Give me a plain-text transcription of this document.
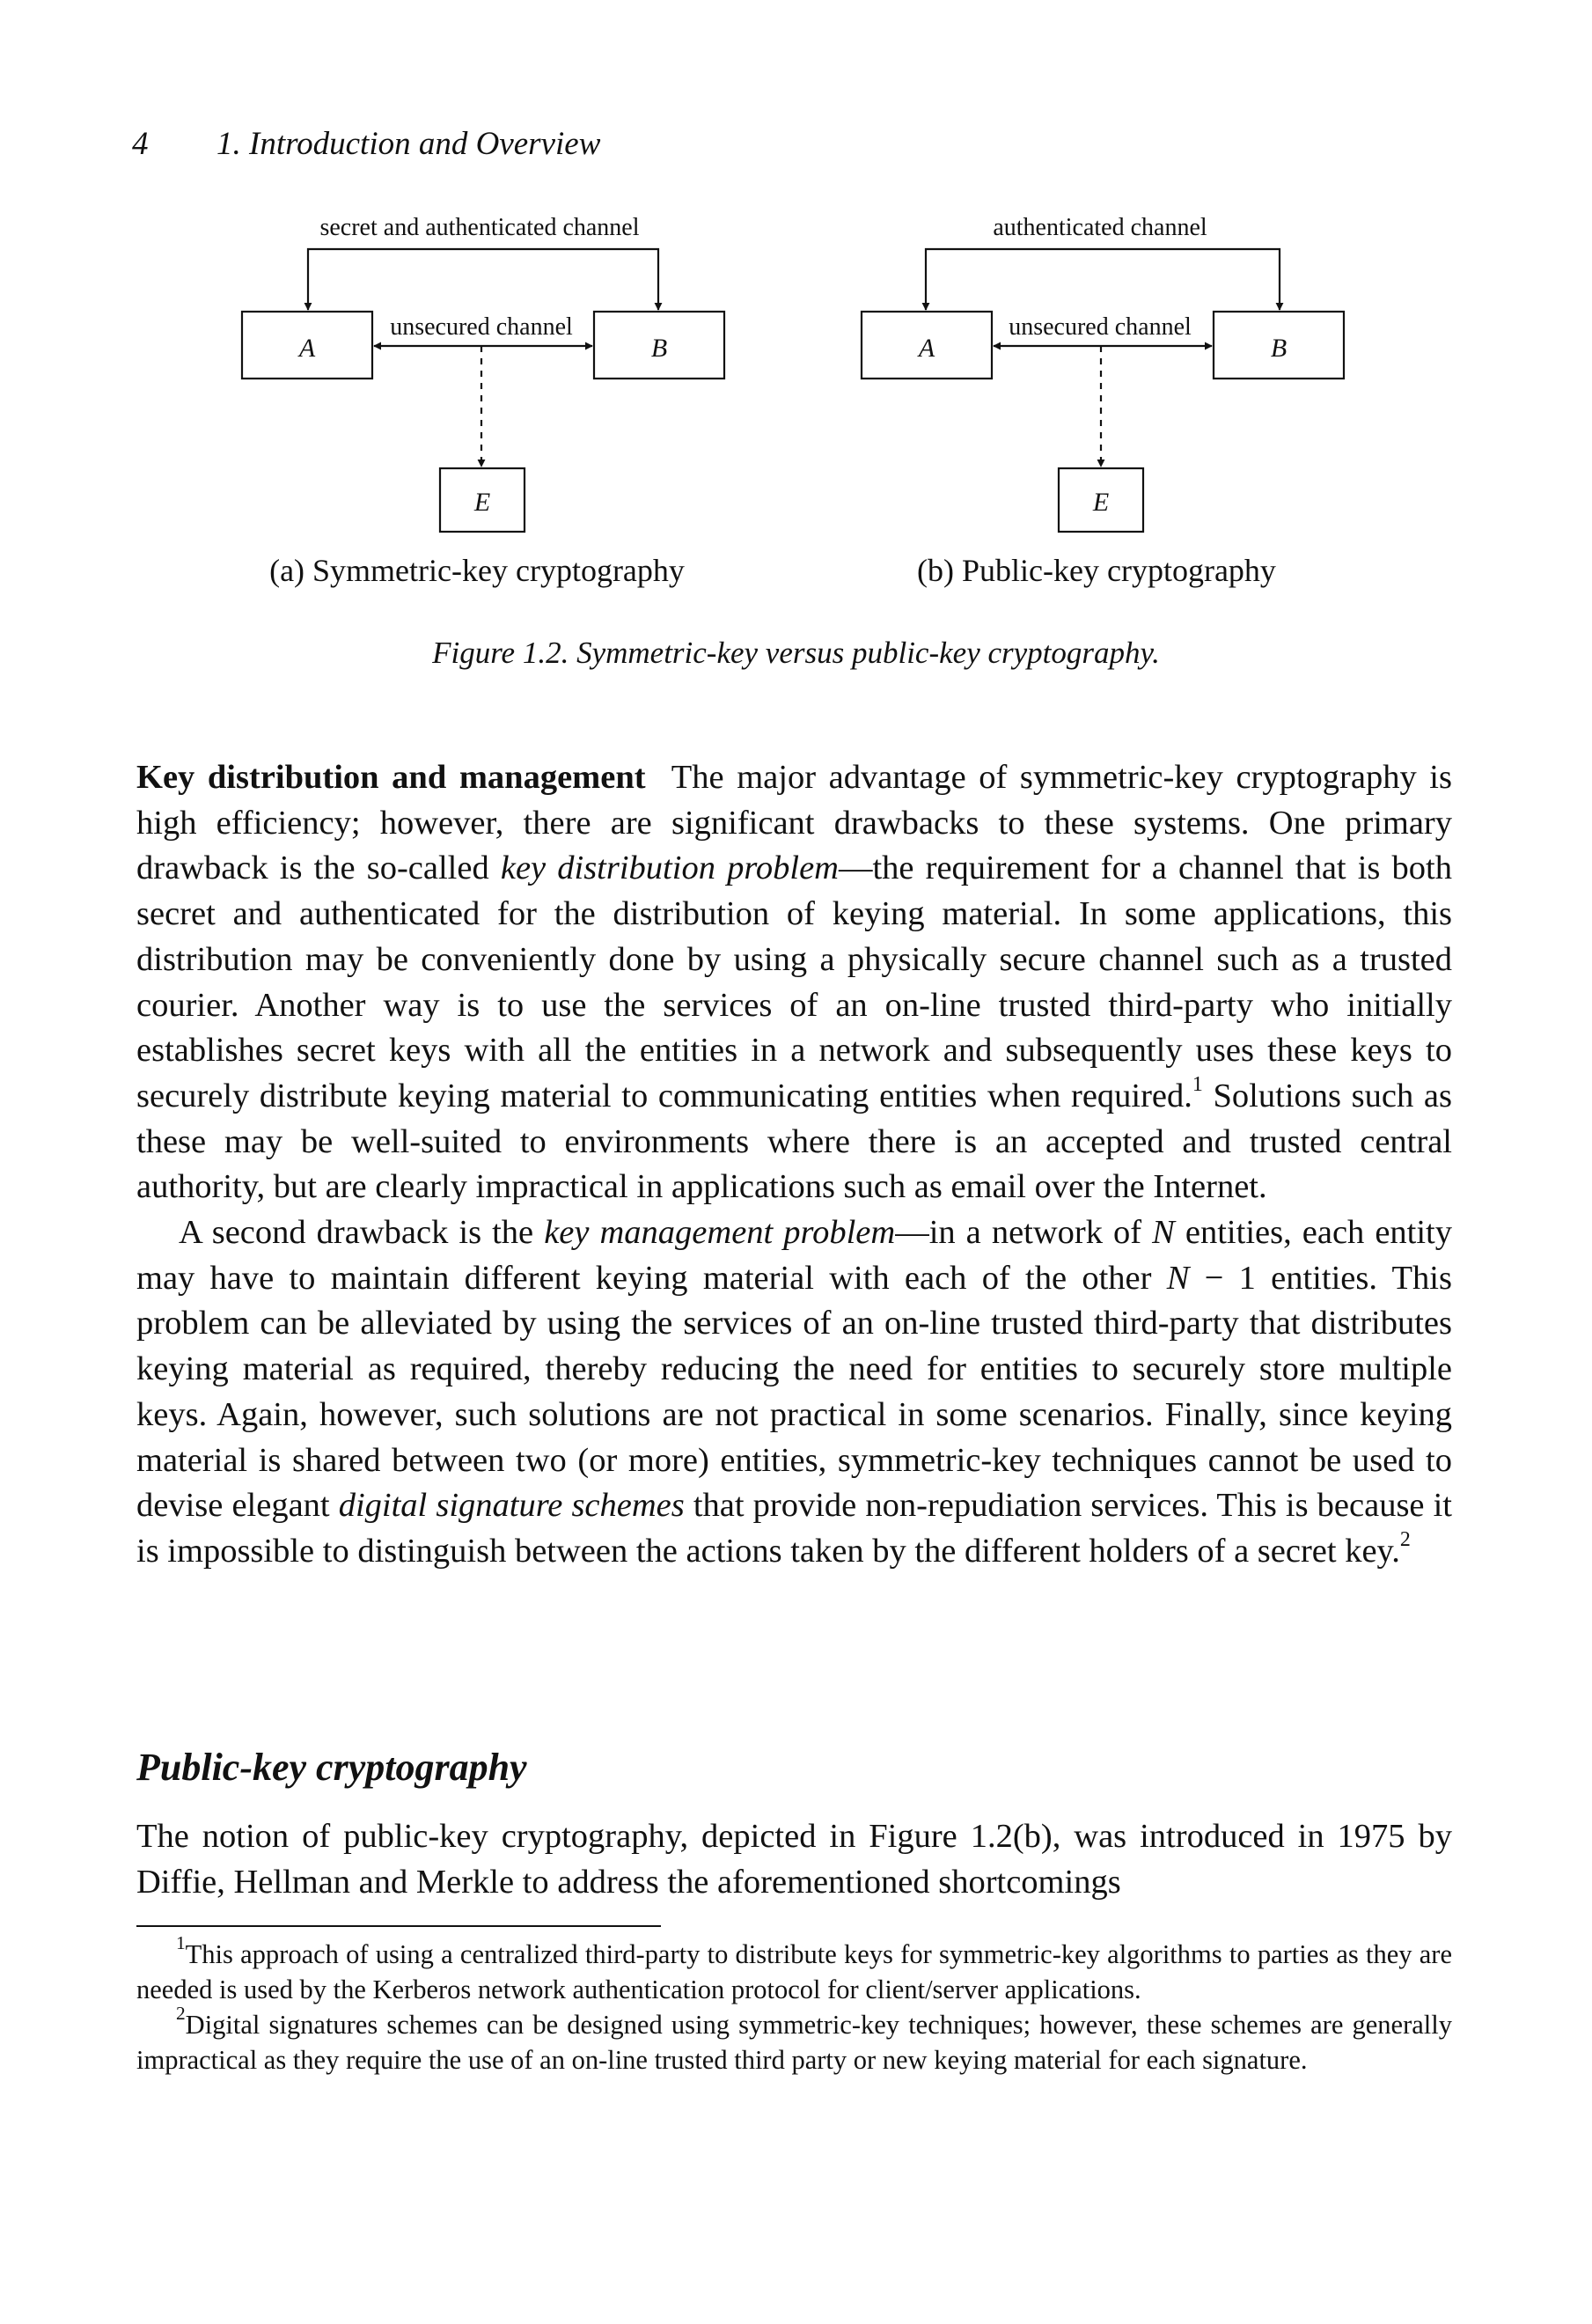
4 1. Introduction and Overview
secret and authenticated channel
A	B
unsecured channel
E
(a) Symmetric-key cryptography
authenticated channel
A	B
unsecured channel
E
(b) Public-key cryptography
Figure 1.2. Symmetric-key versus public-key cryptography.

Key distribution and management The major advantage of symmetric-key cryptography is high efficiency; however, there are significant drawbacks to these systems. One primary drawback is the so-called key distribution problem—the requirement for a channel that is both secret and authenticated for the distribution of keying material. In some applications, this distribution may be conveniently done by using a physically secure channel such as a trusted courier. Another way is to use the services of an on-line trusted third-party who initially establishes secret keys with all the entities in a network and subsequently uses these keys to securely distribute keying material to communicating entities when required.$^1$ Solutions such as these may be well-suited to environments where there is an accepted and trusted central authority, but are clearly impractical in applications such as email over the Internet.

A second drawback is the key management problem—in a network of N entities, each entity may have to maintain different keying material with each of the other N − 1 entities. This problem can be alleviated by using the services of an on-line trusted third-party that distributes keying material as required, thereby reducing the need for entities to securely store multiple keys. Again, however, such solutions are not practical in some scenarios. Finally, since keying material is shared between two (or more) entities, symmetric-key techniques cannot be used to devise elegant digital signature schemes that provide non-repudiation services. This is because it is impossible to distinguish between the actions taken by the different holders of a secret key.$^2$

Public-key cryptography

The notion of public-key cryptography, depicted in Figure 1.2(b), was introduced in 1975 by Diffie, Hellman and Merkle to address the aforementioned shortcomings

$^1$This approach of using a centralized third-party to distribute keys for symmetric-key algorithms to parties as they are needed is used by the Kerberos network authentication protocol for client/server applications.

$^2$Digital signatures schemes can be designed using symmetric-key techniques; however, these schemes are generally impractical as they require the use of an on-line trusted third party or new keying material for each signature.
